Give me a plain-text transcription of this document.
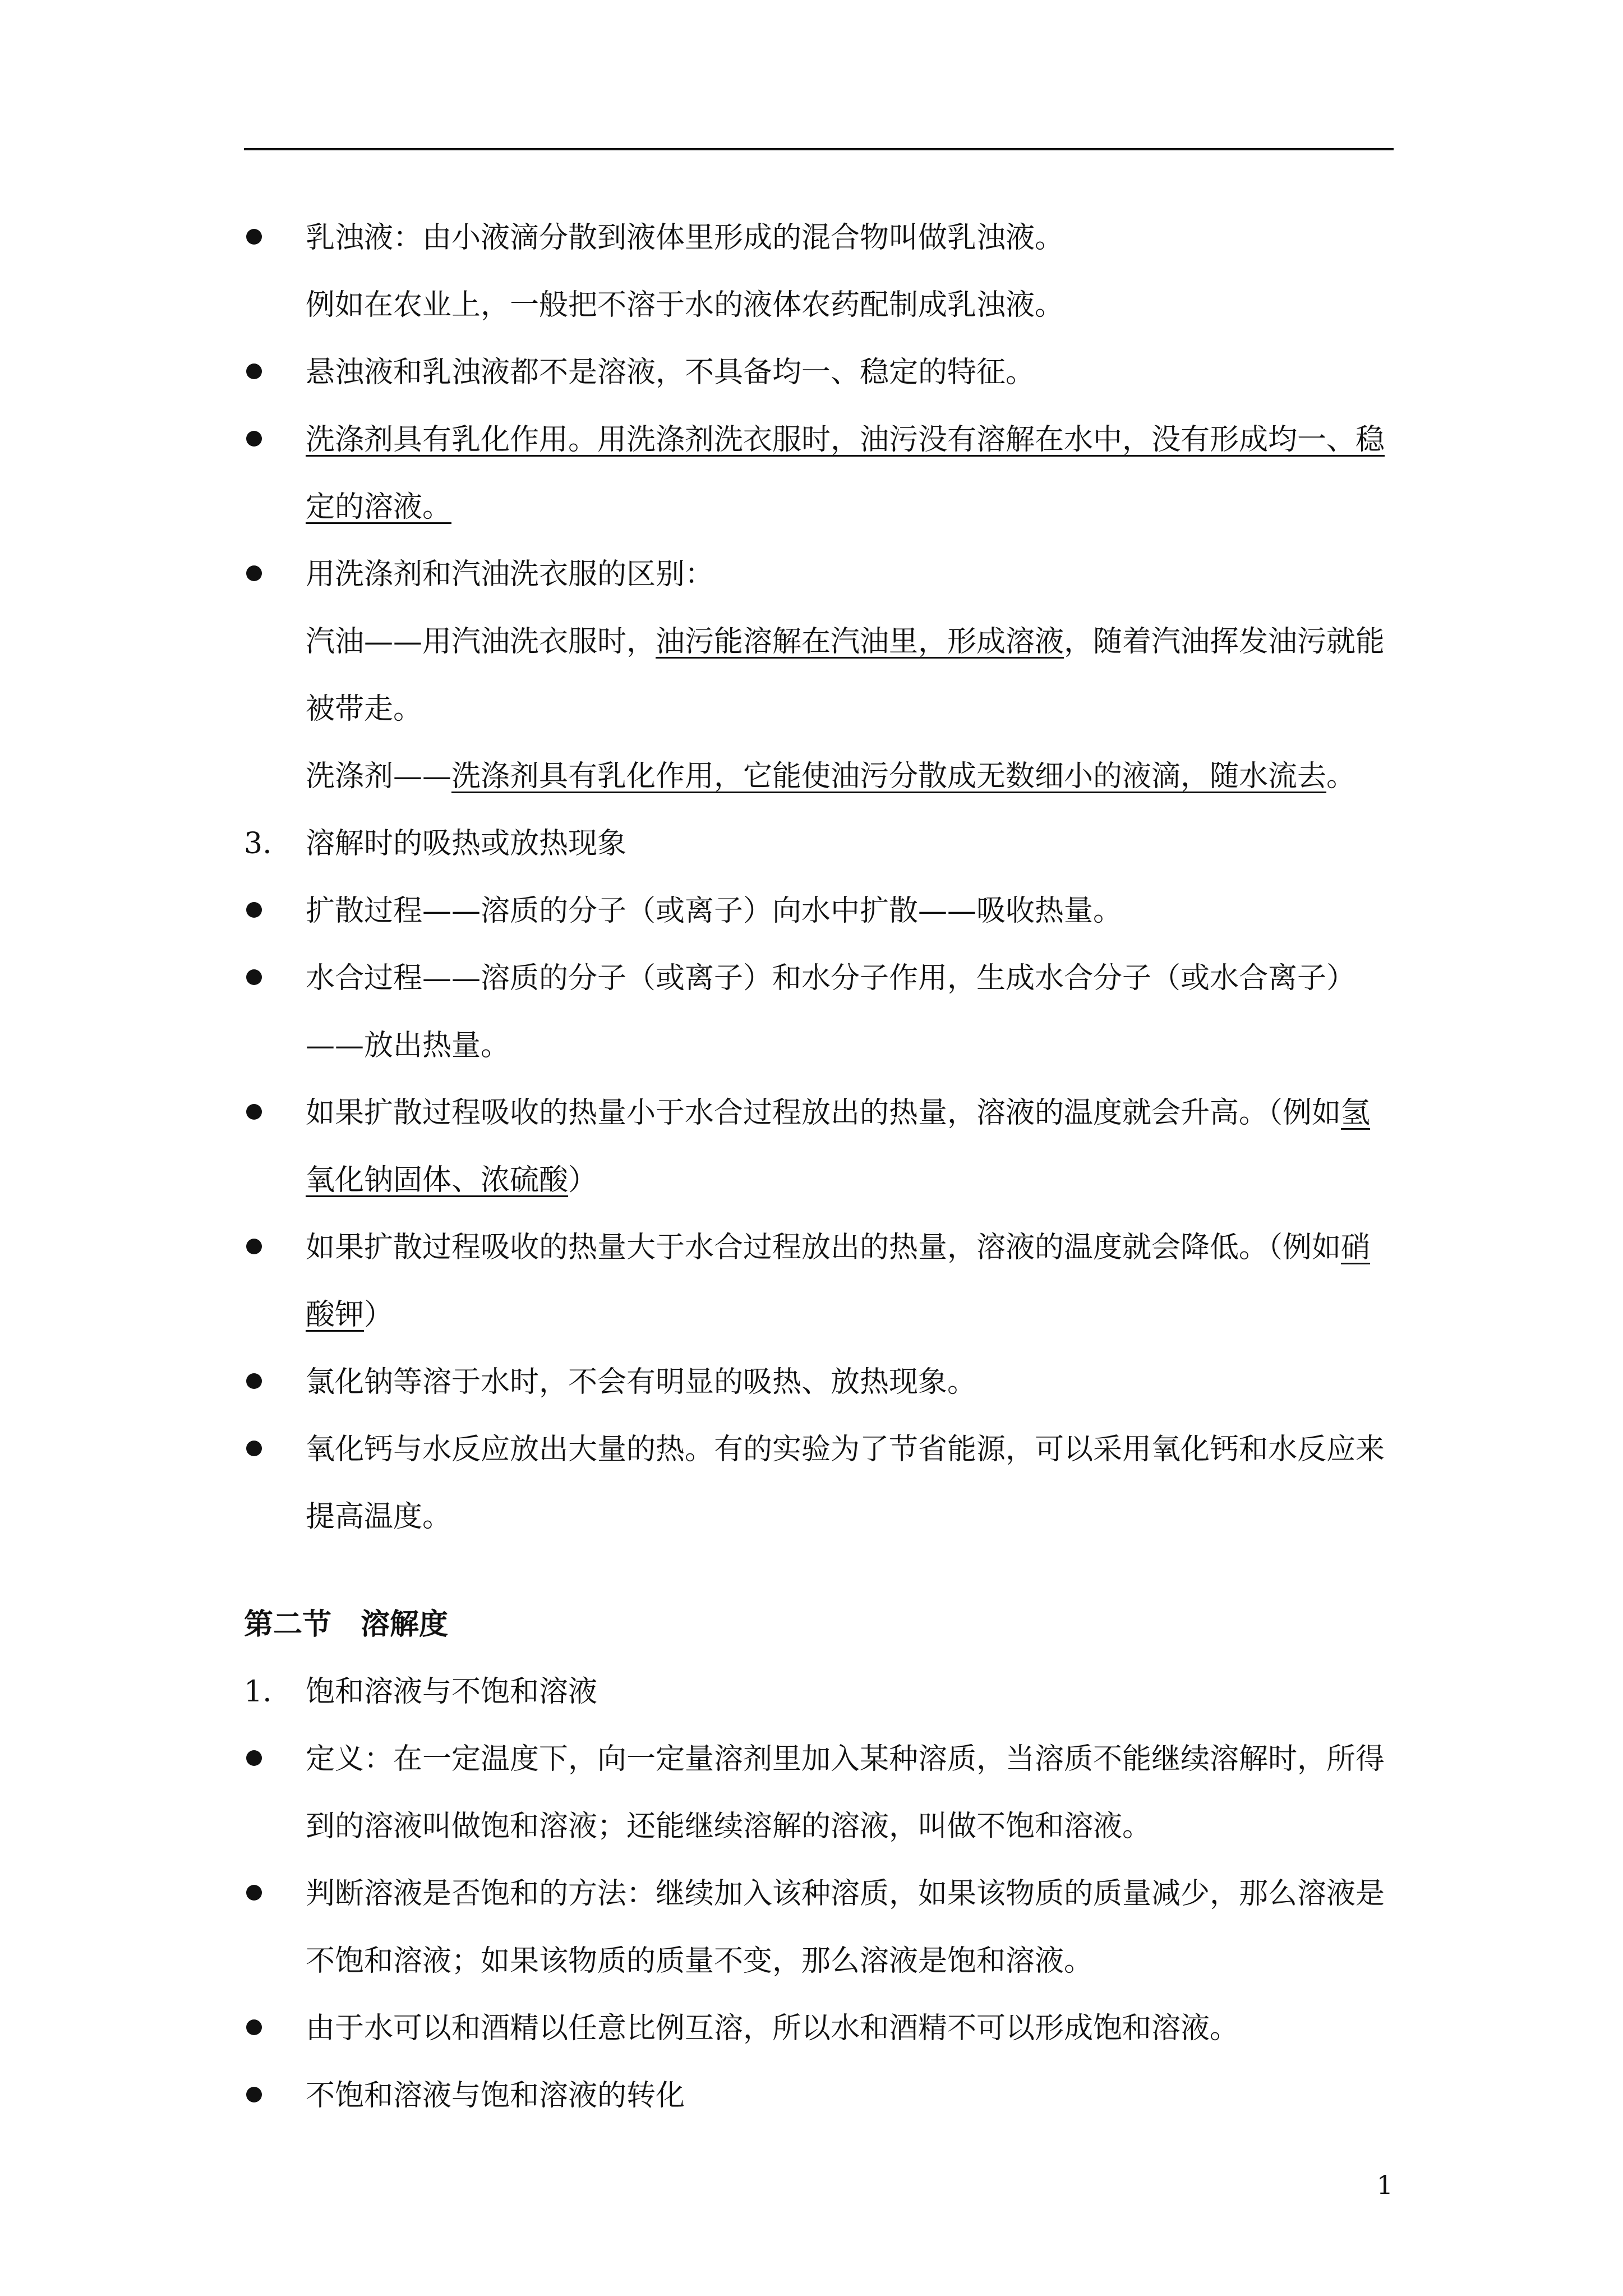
乳浊液：由小液滴分散到液体里形成的混合物叫做乳浊液。

例如在农业上，一般把不溶于水的液体农药配制成乳浊液。

悬浊液和乳浊液都不是溶液，不具备均一、稳定的特征。

洗涤剂具有乳化作用。用洗涤剂洗衣服时，油污没有溶解在水中，没有形成均一、稳定的溶液。

用洗涤剂和汽油洗衣服的区别：

汽油——用汽油洗衣服时，油污能溶解在汽油里，形成溶液，随着汽油挥发油污就能被带走。

洗涤剂——洗涤剂具有乳化作用，它能使油污分散成无数细小的液滴，随水流去。

3. 溶解时的吸热或放热现象

扩散过程——溶质的分子（或离子）向水中扩散——吸收热量。

水合过程——溶质的分子（或离子）和水分子作用，生成水合分子（或水合离子）——放出热量。

如果扩散过程吸收的热量小于水合过程放出的热量，溶液的温度就会升高。（例如氢氧化钠固体、浓硫酸）

如果扩散过程吸收的热量大于水合过程放出的热量，溶液的温度就会降低。（例如硝酸钾）

氯化钠等溶于水时，不会有明显的吸热、放热现象。

氧化钙与水反应放出大量的热。有的实验为了节省能源，可以采用氧化钙和水反应来提高温度。

第二节　溶解度

1. 饱和溶液与不饱和溶液

定义：在一定温度下，向一定量溶剂里加入某种溶质，当溶质不能继续溶解时，所得到的溶液叫做饱和溶液；还能继续溶解的溶液，叫做不饱和溶液。

判断溶液是否饱和的方法：继续加入该种溶质，如果该物质的质量减少，那么溶液是不饱和溶液；如果该物质的质量不变，那么溶液是饱和溶液。

由于水可以和酒精以任意比例互溶，所以水和酒精不可以形成饱和溶液。

不饱和溶液与饱和溶液的转化

1
